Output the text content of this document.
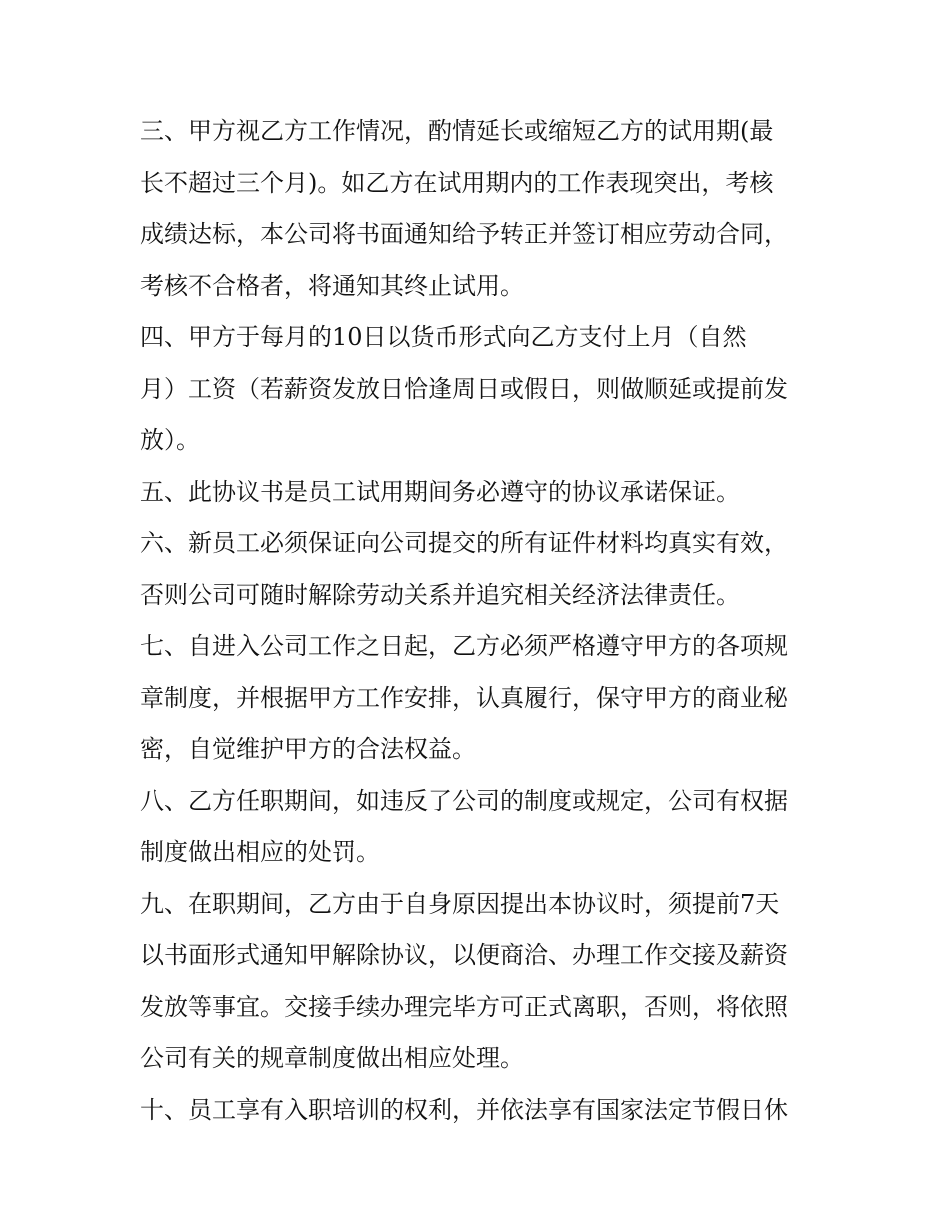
三、甲方视乙方工作情况，酌情延长或缩短乙方的试用期(最

长不超过三个月)。如乙方在试用期内的工作表现突出，考核

成绩达标，本公司将书面通知给予转正并签订相应劳动合同，

考核不合格者，将通知其终止试用。

四、甲方于每月的10日以货币形式向乙方支付上月（自然

月）工资（若薪资发放日恰逢周日或假日，则做顺延或提前发

放）。

五、此协议书是员工试用期间务必遵守的协议承诺保证。

六、新员工必须保证向公司提交的所有证件材料均真实有效，

否则公司可随时解除劳动关系并追究相关经济法律责任。

七、自进入公司工作之日起，乙方必须严格遵守甲方的各项规

章制度，并根据甲方工作安排，认真履行，保守甲方的商业秘

密，自觉维护甲方的合法权益。

八、乙方任职期间，如违反了公司的制度或规定，公司有权据

制度做出相应的处罚。

九、在职期间，乙方由于自身原因提出本协议时，须提前7天

以书面形式通知甲解除协议，以便商洽、办理工作交接及薪资

发放等事宜。交接手续办理完毕方可正式离职，否则，将依照

公司有关的规章制度做出相应处理。

十、员工享有入职培训的权利，并依法享有国家法定节假日休
